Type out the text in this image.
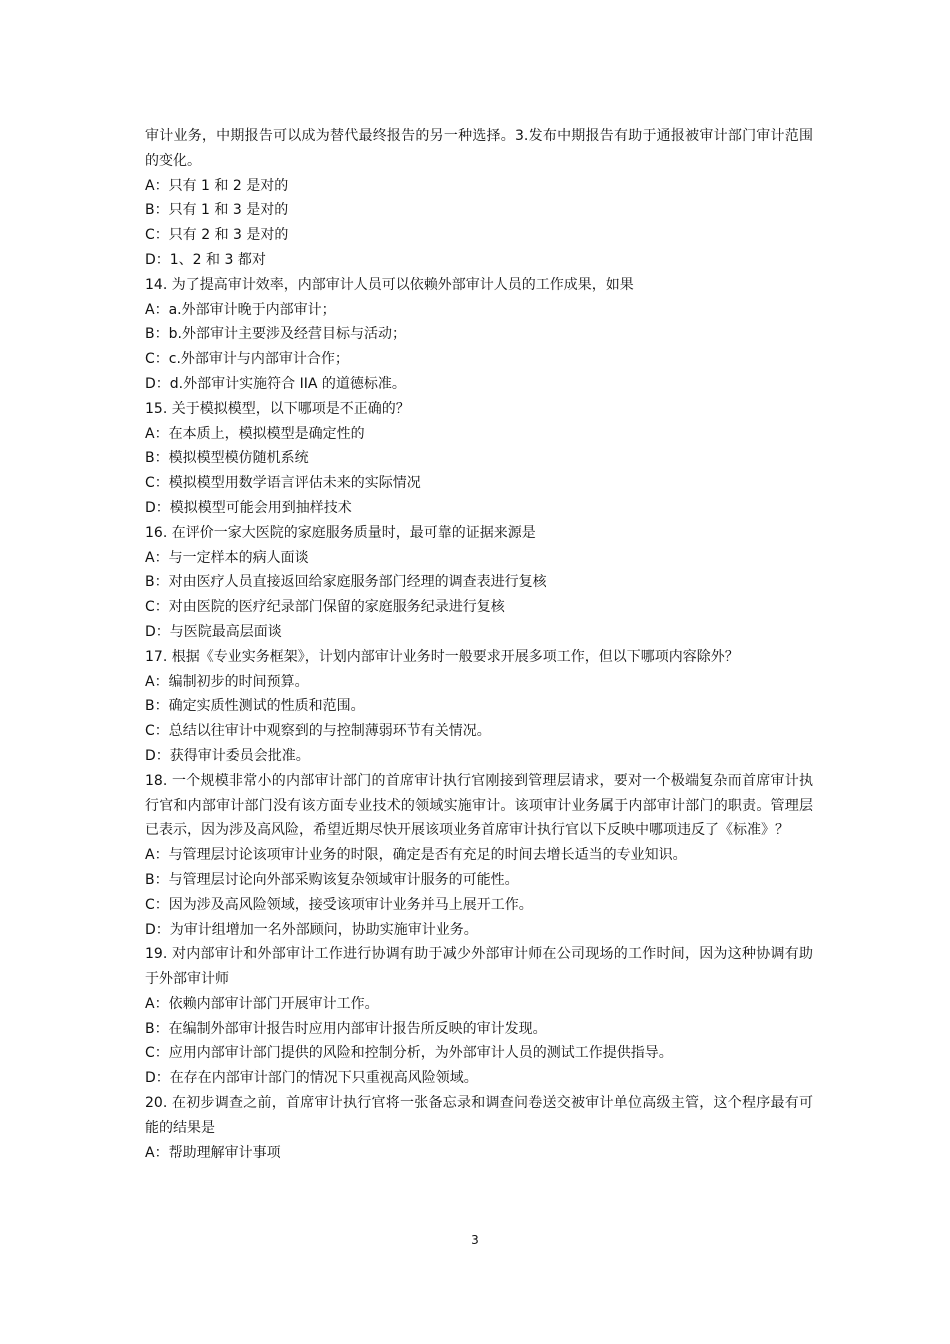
审计业务，中期报告可以成为替代最终报告的另一种选择。3.发布中期报告有助于通报被审计部门审计范围的变化。

A：只有 1 和 2 是对的
B：只有 1 和 3 是对的
C：只有 2 和 3 是对的
D：1、2 和 3 都对

14. 为了提高审计效率，内部审计人员可以依赖外部审计人员的工作成果，如果

A：a.外部审计晚于内部审计；
B：b.外部审计主要涉及经营目标与活动；
C：c.外部审计与内部审计合作；
D：d.外部审计实施符合 IIA 的道德标准。

15. 关于模拟模型，以下哪项是不正确的？

A：在本质上，模拟模型是确定性的
B：模拟模型模仿随机系统
C：模拟模型用数学语言评估未来的实际情况
D：模拟模型可能会用到抽样技术

16. 在评价一家大医院的家庭服务质量时，最可靠的证据来源是

A：与一定样本的病人面谈
B：对由医疗人员直接返回给家庭服务部门经理的调查表进行复核
C：对由医院的医疗纪录部门保留的家庭服务纪录进行复核
D：与医院最高层面谈

17. 根据《专业实务框架》，计划内部审计业务时一般要求开展多项工作，但以下哪项内容除外？

A：编制初步的时间预算。
B：确定实质性测试的性质和范围。
C：总结以往审计中观察到的与控制薄弱环节有关情况。
D：获得审计委员会批准。

18. 一个规模非常小的内部审计部门的首席审计执行官刚接到管理层请求，要对一个极端复杂而首席审计执行官和内部审计部门没有该方面专业技术的领域实施审计。该项审计业务属于内部审计部门的职责。管理层已表示，因为涉及高风险，希望近期尽快开展该项业务首席审计执行官以下反映中哪项违反了《标准》？

A：与管理层讨论该项审计业务的时限，确定是否有充足的时间去增长适当的专业知识。
B：与管理层讨论向外部采购该复杂领域审计服务的可能性。
C：因为涉及高风险领域，接受该项审计业务并马上展开工作。
D：为审计组增加一名外部顾问，协助实施审计业务。

19. 对内部审计和外部审计工作进行协调有助于减少外部审计师在公司现场的工作时间，因为这种协调有助于外部审计师

A：依赖内部审计部门开展审计工作。
B：在编制外部审计报告时应用内部审计报告所反映的审计发现。
C：应用内部审计部门提供的风险和控制分析，为外部审计人员的测试工作提供指导。
D：在存在内部审计部门的情况下只重视高风险领域。

20. 在初步调查之前，首席审计执行官将一张备忘录和调查问卷送交被审计单位高级主管，这个程序最有可能的结果是

A：帮助理解审计事项
3
